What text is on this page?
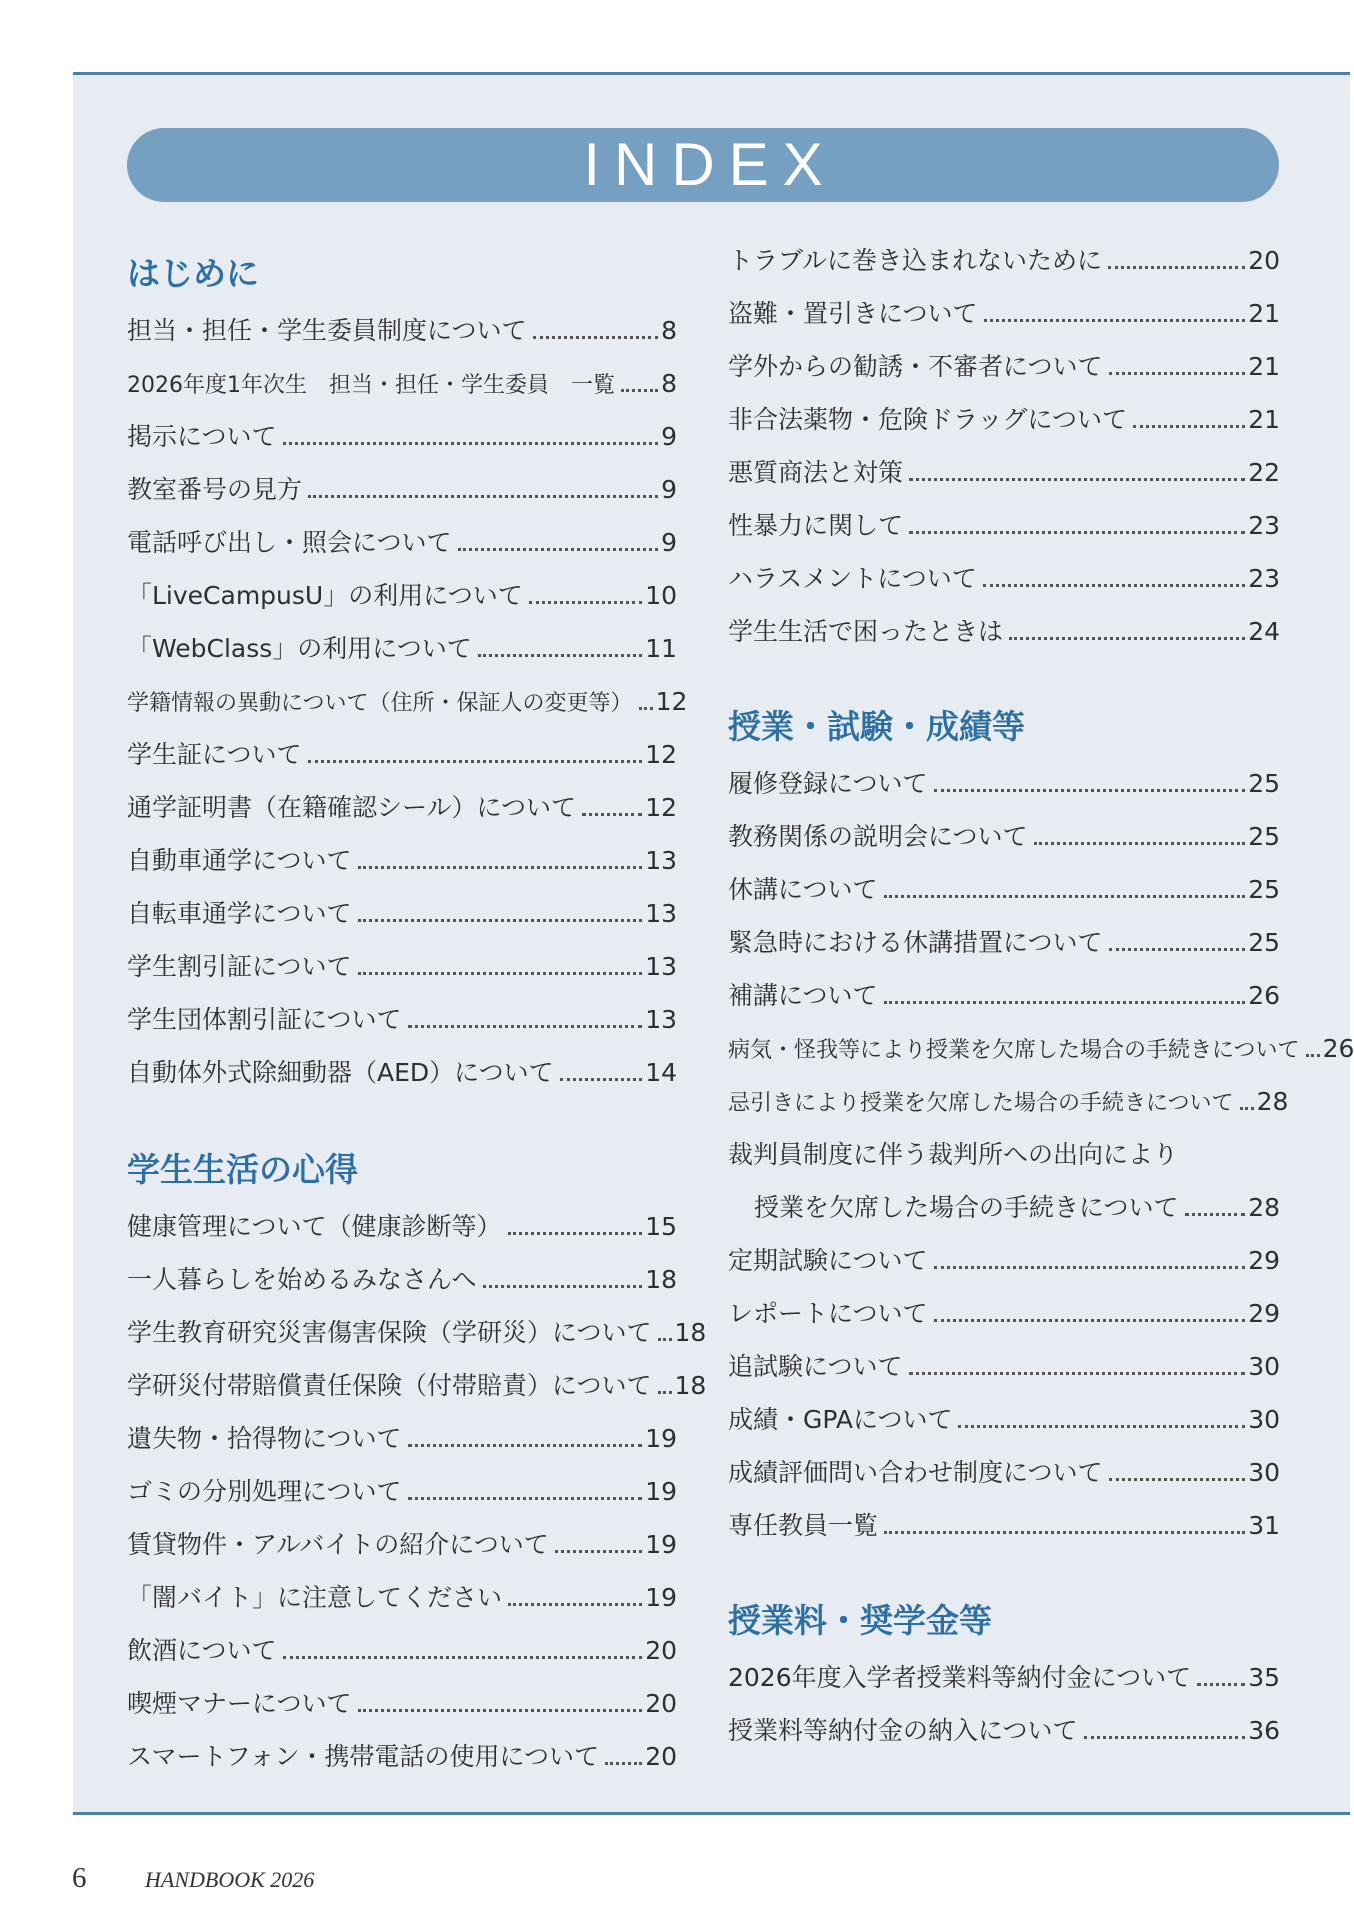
INDEX
はじめに
担当・担任・学生委員制度について	8
2026年度1年次生　担当・担任・学生委員　一覧 8
掲示について	9
教室番号の見方	9
電話呼び出し・照会について	9
「LiveCampusU」の利用について	10
「WebClass」の利用について	11
学籍情報の異動について（住所・保証人の変更等） 12
学生証について	12
通学証明書（在籍確認シール）について	12
自動車通学について	13
自転車通学について	13
学生割引証について	13
学生団体割引証について	13
自動体外式除細動器（AED）について	14
学生生活の心得
健康管理について（健康診断等）	15
一人暮らしを始めるみなさんへ	18
学生教育研究災害傷害保険（学研災）について 18
学研災付帯賠償責任保険（付帯賠責）について 18
遺失物・拾得物について	19
ゴミの分別処理について	19
賃貸物件・アルバイトの紹介について	19
「闇バイト」に注意してください	19
飲酒について	20
喫煙マナーについて	20
スマートフォン・携帯電話の使用について 20
トラブルに巻き込まれないために	20
盗難・置引きについて	21
学外からの勧誘・不審者について	21
非合法薬物・危険ドラッグについて	21
悪質商法と対策	22
性暴力に関して	23
ハラスメントについて	23
学生生活で困ったときは	24
授業・試験・成績等
履修登録について	25
教務関係の説明会について	25
休講について	25
緊急時における休講措置について	25
補講について	26
病気・怪我等により授業を欠席した場合の手続きについて 26
忌引きにより授業を欠席した場合の手続きについて 28
裁判員制度に伴う裁判所への出向により
授業を欠席した場合の手続きについて	28
定期試験について	29
レポートについて	29
追試験について	30
成績・GPAについて	30
成績評価問い合わせ制度について	30
専任教員一覧	31
授業料・奨学金等
2026年度入学者授業料等納付金について 35
授業料等納付金の納入について	36
6	HANDBOOK 2026
